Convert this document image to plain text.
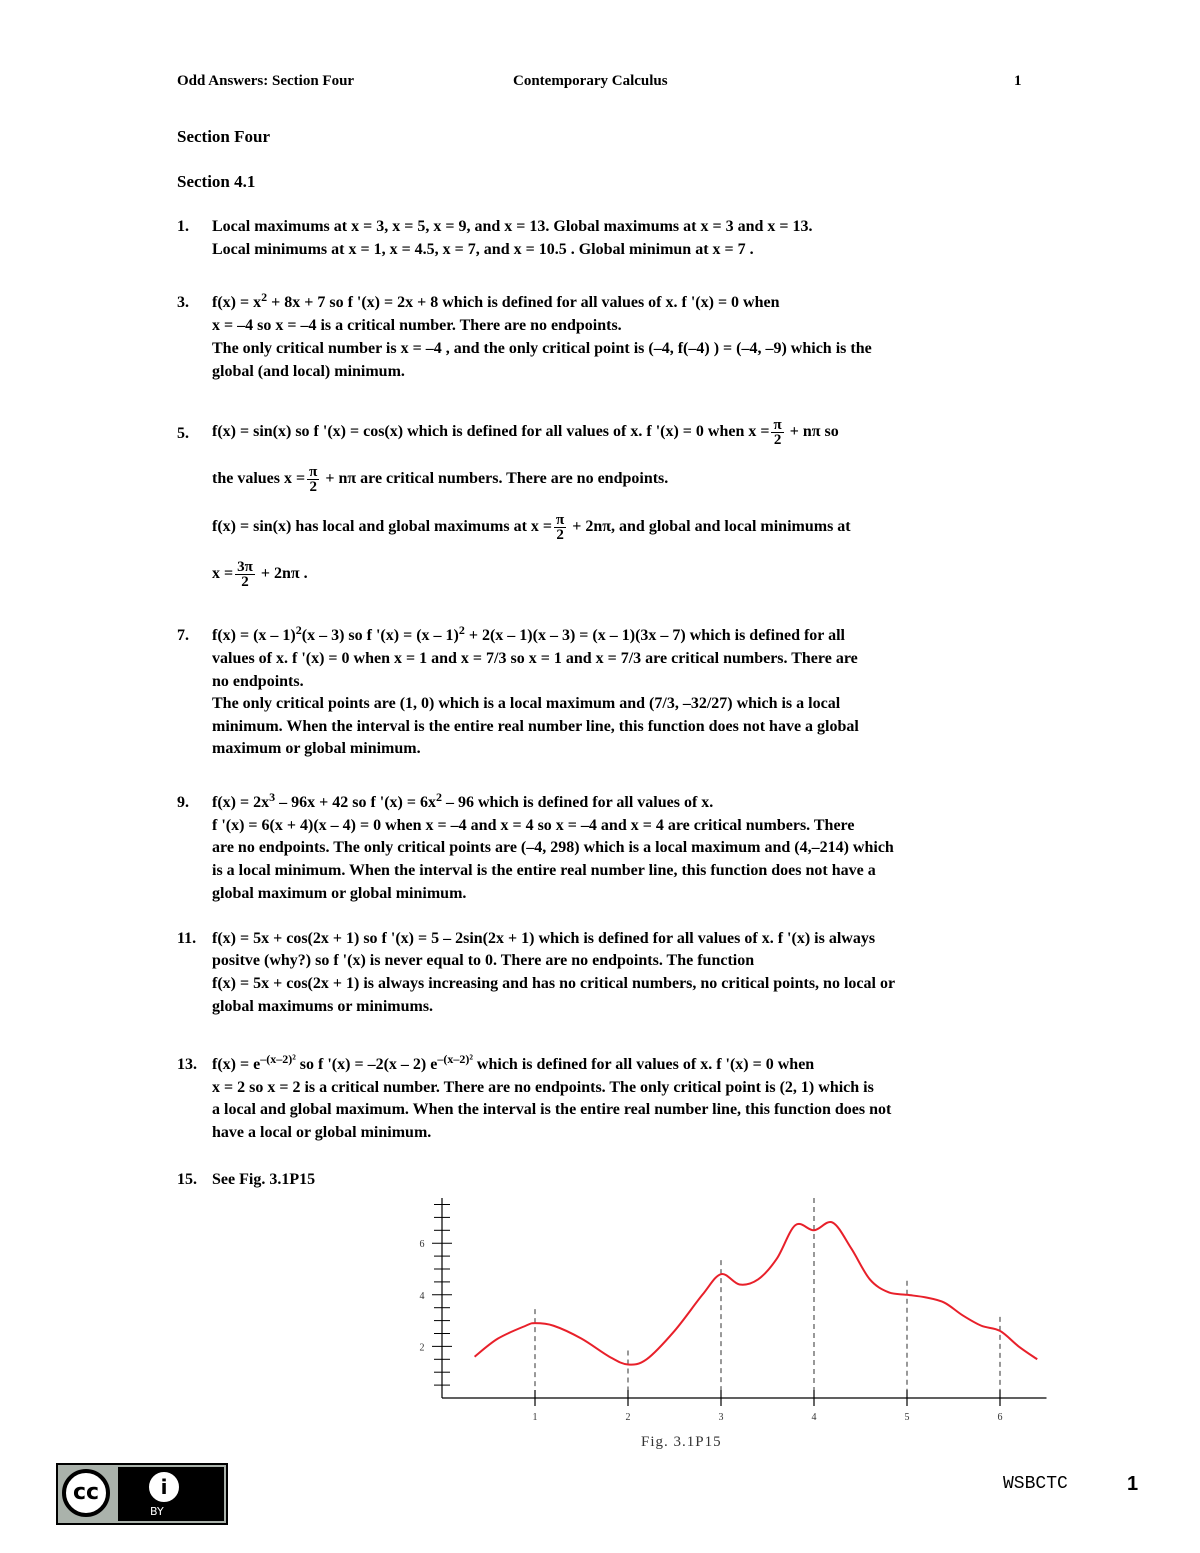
Odd Answers: Section Four	Contemporary Calculus	1
Section Four
Section 4.1
1. Local maximums at x = 3, x = 5, x = 9, and x = 13. Global maximums at x = 3 and x = 13.
Local minimums at x = 1, x = 4.5, x = 7, and x = 10.5 . Global minimun at x = 7 .
3. $f(x) = x^2 + 8x + 7$ so f '(x) = 2x + 8 which is defined for all values of x. f '(x) = 0 when
x = –4 so x = –4 is a critical number. There are no endpoints.
The only critical number is x = –4 , and the only critical point is (–4, f(–4) ) = (–4, –9) which is the
global (and local) minimum.
5. f(x) = sin(x) so f '(x) = cos(x) which is defined for all values of x. f '(x) = 0 when $x = \frac{\pi}{2} + n\pi$ so
the values $x = \frac{\pi}{2} + n\pi$ are critical numbers. There are no endpoints.
f(x) = sin(x) has local and global maximums at $x = \frac{\pi}{2} + 2n\pi$, and global and local minimums at
$x = \frac{3\pi}{2} + 2n\pi$ .
7. f(x) = (x – 1)$^2$(x – 3) so f '(x) = (x – 1)$^2$ + 2(x – 1)(x – 3) = (x – 1)(3x – 7) which is defined for all
values of x. f '(x) = 0 when x = 1 and x = 7/3 so x = 1 and x = 7/3 are critical numbers. There are
no endpoints.
The only critical points are (1, 0) which is a local maximum and (7/3, –32/27) which is a local
minimum. When the interval is the entire real number line, this function does not have a global
maximum or global minimum.
9. $f(x) = 2x^3 - 96x + 42$ so f '$(x) = 6x^2 - 96$ which is defined for all values of x.
f '(x) = 6(x + 4)(x – 4) = 0 when x = –4 and x = 4 so x = –4 and x = 4 are critical numbers. There
are no endpoints. The only critical points are (–4, 298) which is a local maximum and (4,–214) which
is a local minimum. When the interval is the entire real number line, this function does not have a
global maximum or global minimum.
11. f(x) = 5x + cos(2x + 1) so f '(x) = 5 – 2sin(2x + 1) which is defined for all values of x. f '(x) is always
positve (why?) so f '(x) is never equal to 0. There are no endpoints. The function
f(x) = 5x + cos(2x + 1) is always increasing and has no critical numbers, no critical points, no local or
global maximums or minimums.
13. $f(x) = e^{-(x-2)^2}$ so f '(x) = –2(x – 2) $e^{-(x-2)^2}$ which is defined for all values of x. f '(x) = 0 when
x = 2 so x = 2 is a critical number. There are no endpoints. The only critical point is (2, 1) which is
a local and global maximum. When the interval is the entire real number line, this function does not
have a local or global minimum.
15. See Fig. 3.1P15
2
4
6
1	2	3	4	5	6
Fig. 3.1P15
cc	i
BY
WSBCTC	1
